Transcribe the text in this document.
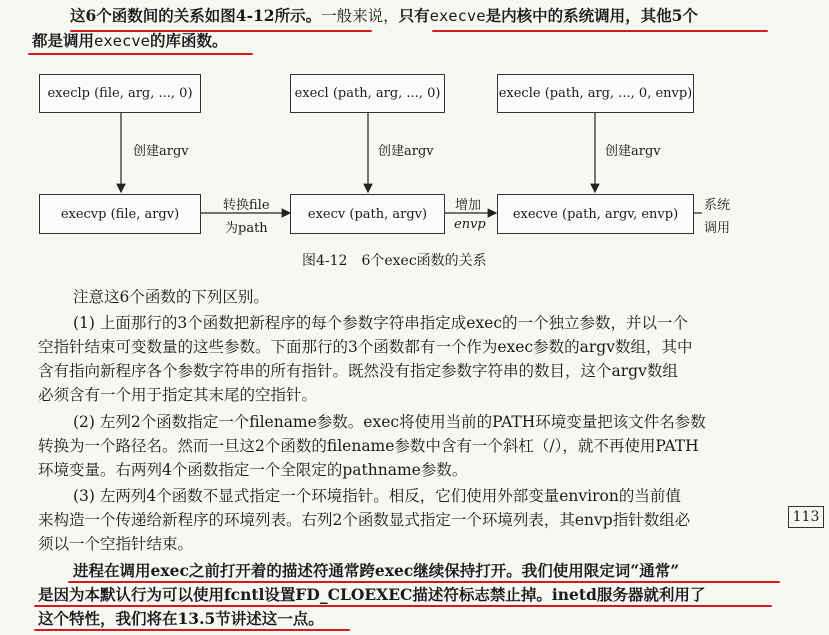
这6个函数间的关系如图4-12所示。一般来说，只有execve是内核中的系统调用，其他5个
都是调用execve的库函数。
execlp (file, arg, ..., 0)	execl (path, arg, ..., 0)	execle (path, arg, ..., 0, envp)
execvp (file, argv)	execv (path, argv)	execve (path, argv, envp)
创建argv	创建argv	创建argv
转换file
为path
增加
envp
系统
调用
图4-12　6个exec函数的关系
注意这6个函数的下列区别。
(1) 上面那行的3个函数把新程序的每个参数字符串指定成exec的一个独立参数，并以一个
空指针结束可变数量的这些参数。下面那行的3个函数都有一个作为exec参数的argv数组，其中
含有指向新程序各个参数字符串的所有指针。既然没有指定参数字符串的数目，这个argv数组
必须含有一个用于指定其末尾的空指针。
(2) 左列2个函数指定一个filename参数。exec将使用当前的PATH环境变量把该文件名参数
转换为一个路径名。然而一旦这2个函数的filename参数中含有一个斜杠（/），就不再使用PATH
环境变量。右两列4个函数指定一个全限定的pathname参数。
(3) 左两列4个函数不显式指定一个环境指针。相反，它们使用外部变量environ的当前值
来构造一个传递给新程序的环境列表。右列2个函数显式指定一个环境列表，其envp指针数组必
须以一个空指针结束。
进程在调用exec之前打开着的描述符通常跨exec继续保持打开。我们使用限定词“通常”
是因为本默认行为可以使用fcntl设置FD_CLOEXEC描述符标志禁止掉。inetd服务器就利用了
这个特性，我们将在13.5节讲述这一点。
113
